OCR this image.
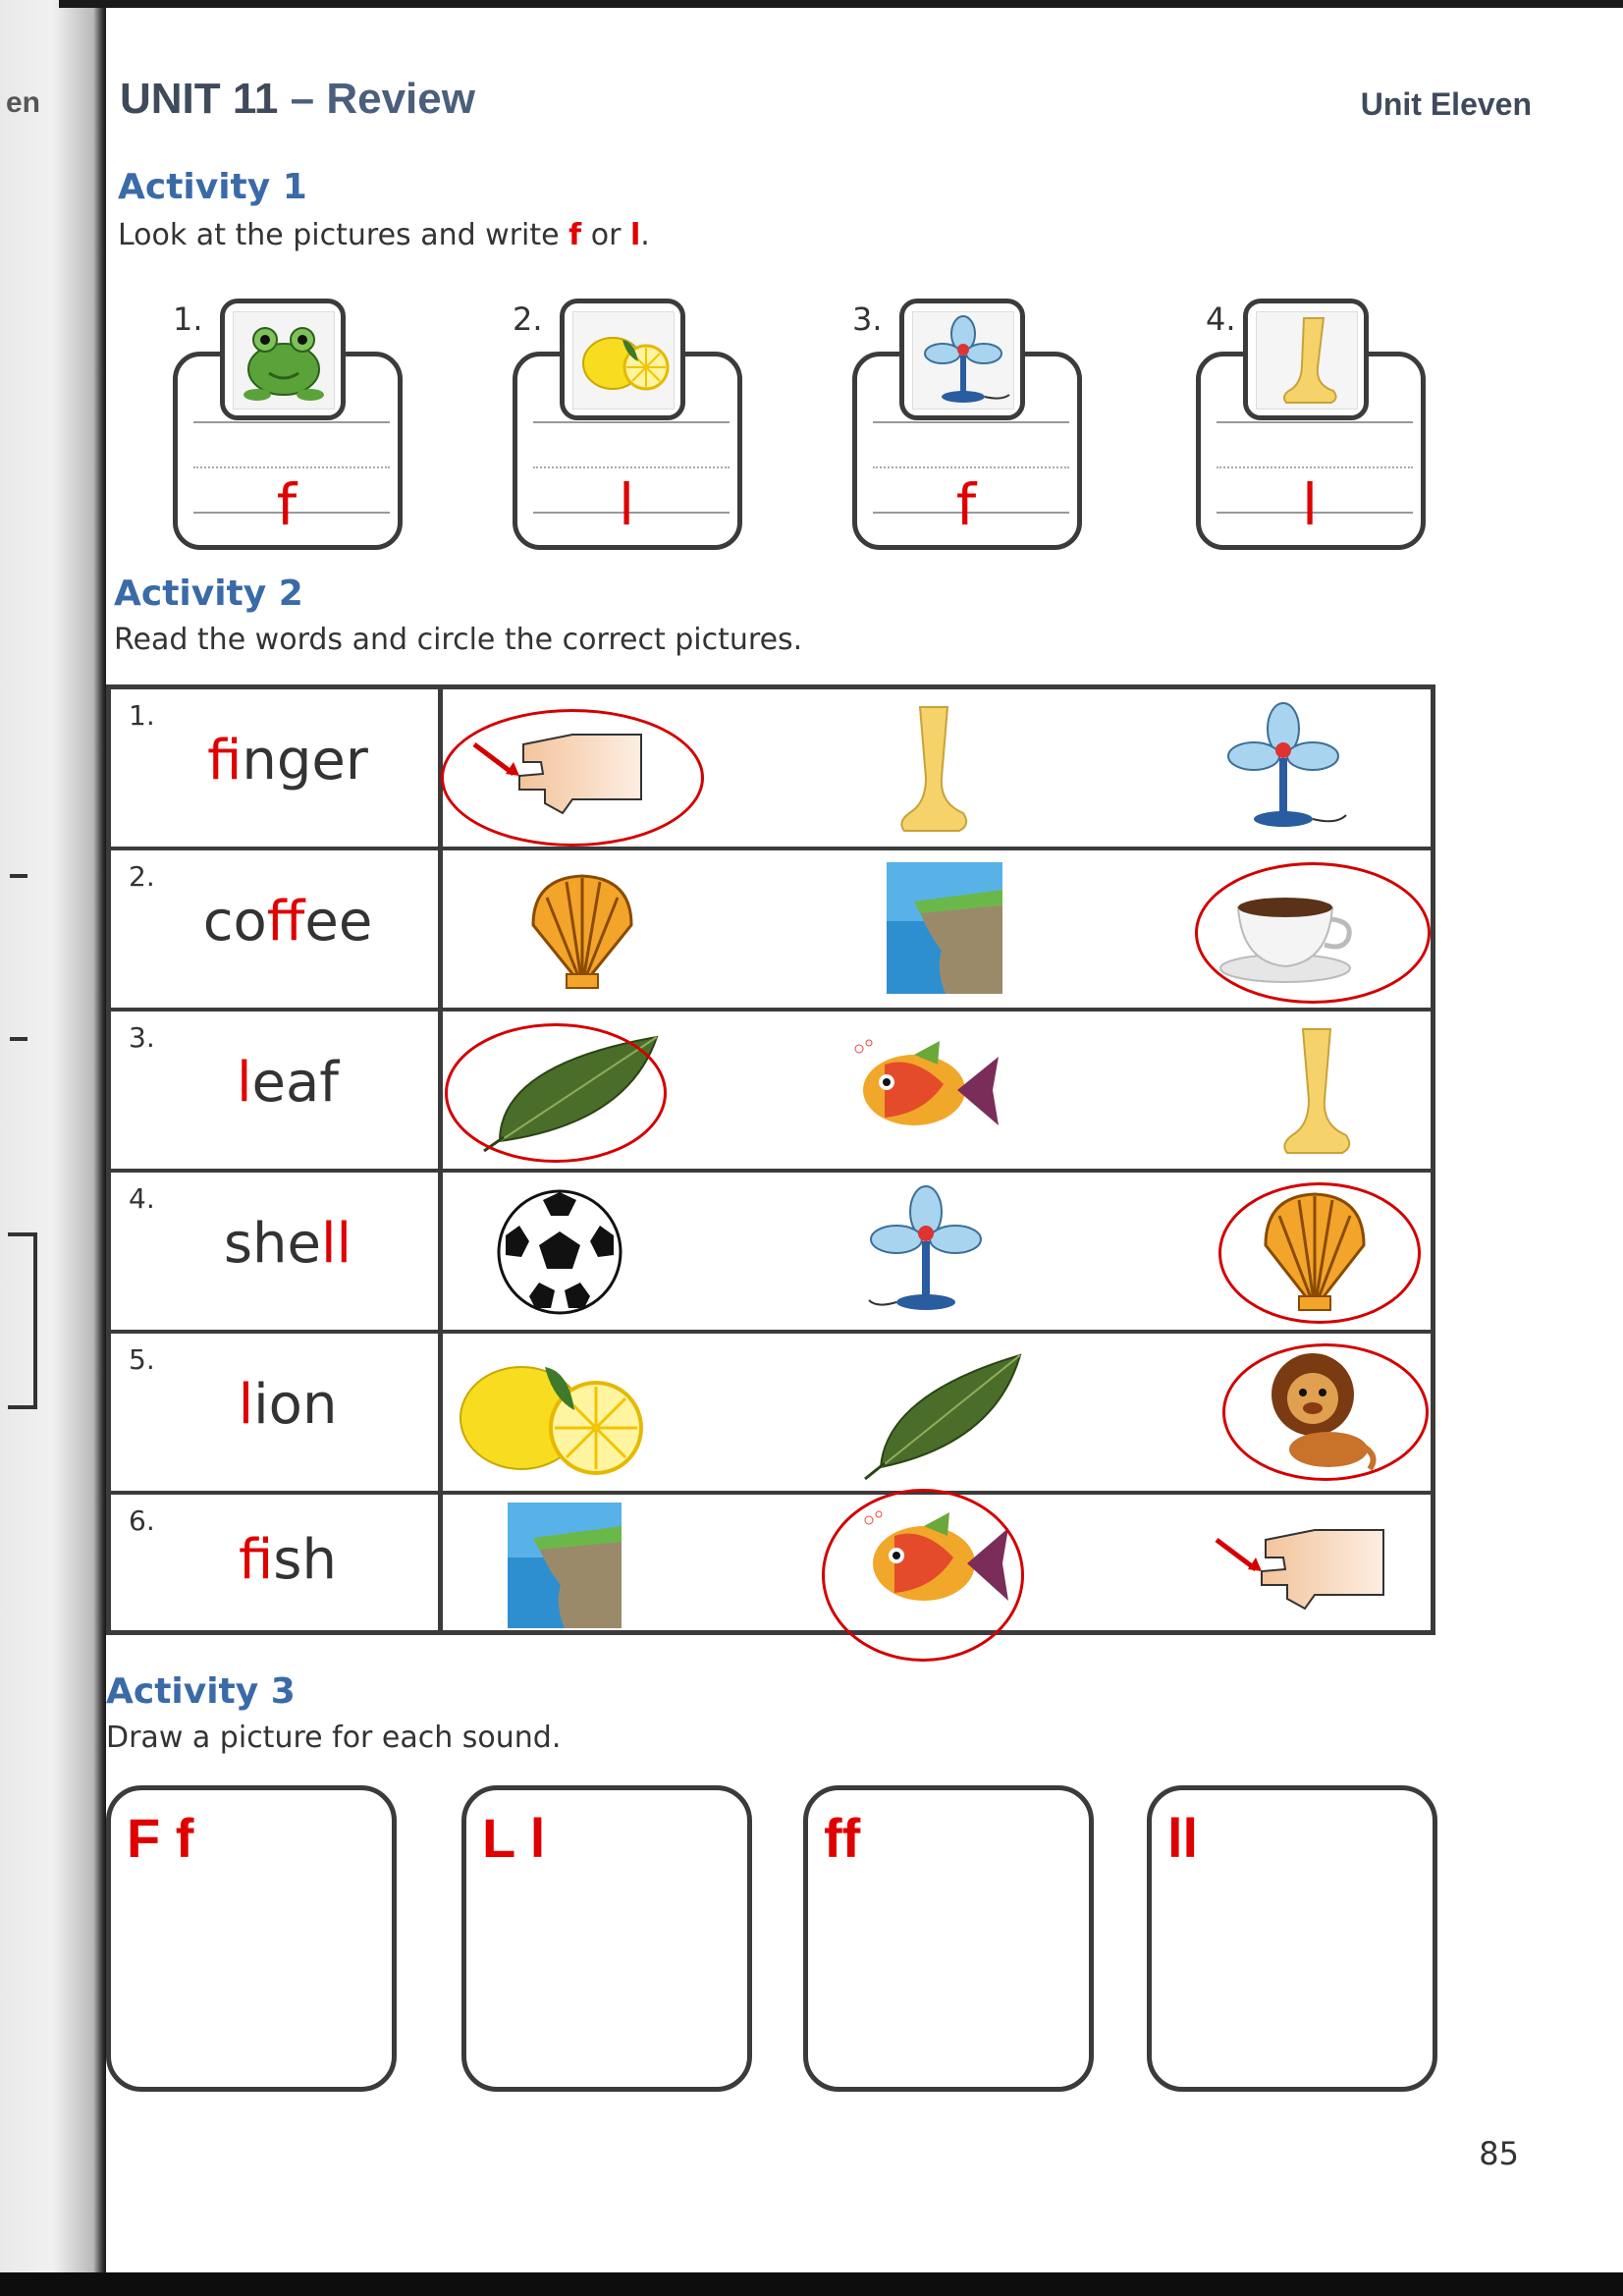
en UNIT 11 – Review	Unit Eleven
Activity 1
Look at the pictures and write f or l.
1.
f
2.
l
3.
f
4.
l
Activity 2
Read the words and circle the correct pictures.
1.
finger
2.
coffee
3.
leaf
4.
shell
5.
lion
6.
fish
Activity 3
Draw a picture for each sound.
F f	L l	ff	ll
85
